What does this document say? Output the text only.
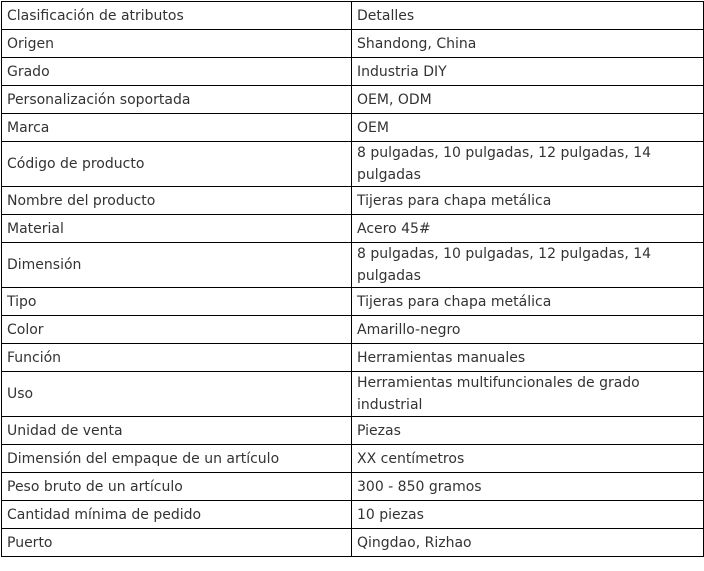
Clasificación de atributos	Detalles
Origen	Shandong, China
Grado	Industria DIY
Personalización soportada	OEM, ODM
Marca	OEM
Código de producto	8 pulgadas, 10 pulgadas, 12 pulgadas, 14 pulgadas
Nombre del producto	Tijeras para chapa metálica
Material	Acero 45#
Dimensión	8 pulgadas, 10 pulgadas, 12 pulgadas, 14 pulgadas
Tipo	Tijeras para chapa metálica
Color	Amarillo-negro
Función	Herramientas manuales
Uso	Herramientas multifuncionales de grado industrial
Unidad de venta	Piezas
Dimensión del empaque de un artículo	XX centímetros
Peso bruto de un artículo	300 - 850 gramos
Cantidad mínima de pedido	10 piezas
Puerto	Qingdao, Rizhao
